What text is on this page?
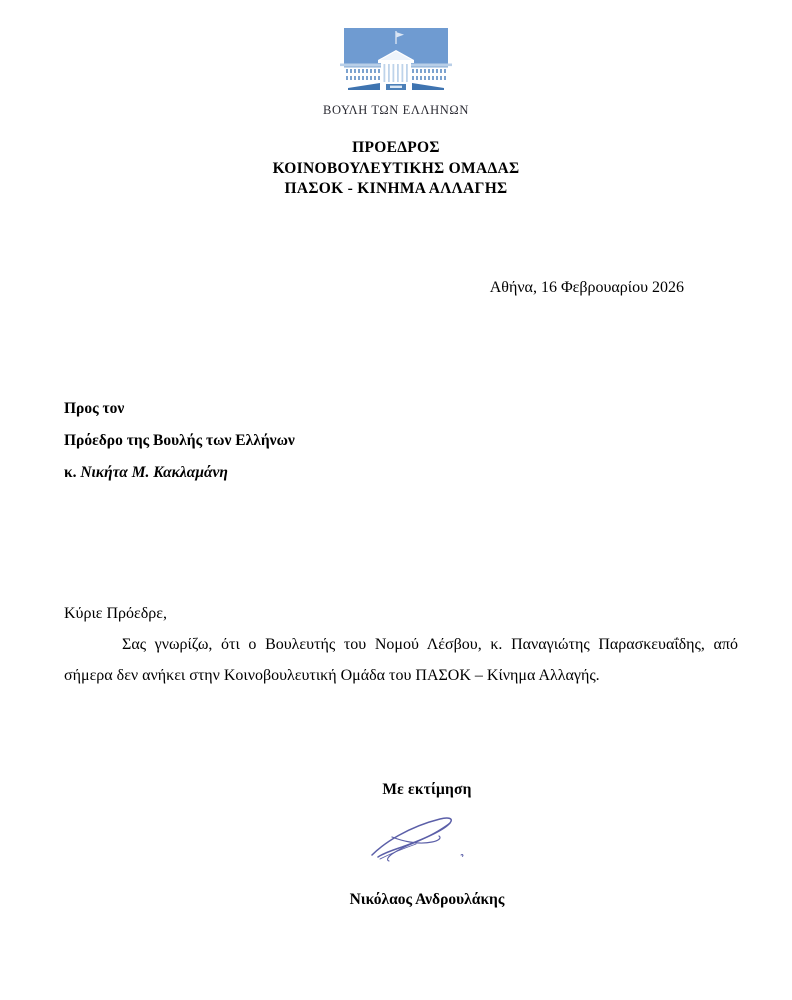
ΒΟΥΛΗ ΤΩΝ ΕΛΛΗΝΩΝ
ΠΡΟΕΔΡΟΣ
ΚΟΙΝΟΒΟΥΛΕΥΤΙΚΗΣ ΟΜΑΔΑΣ
ΠΑΣΟΚ - ΚΙΝΗΜΑ ΑΛΛΑΓΗΣ
Αθήνα, 16 Φεβρουαρίου 2026
Προς τον
Πρόεδρο της Βουλής των Ελλήνων
κ. Νικήτα Μ. Κακλαμάνη

Κύριε Πρόεδρε,

Σας γνωρίζω, ότι ο Βουλευτής του Νομού Λέσβου, κ. Παναγιώτης Παρασκευαΐδης, από σήμερα δεν ανήκει στην Κοινοβουλευτική Ομάδα του ΠΑΣΟΚ – Κίνημα Αλλαγής.

Με εκτίμηση
Νικόλαος Ανδρουλάκης
